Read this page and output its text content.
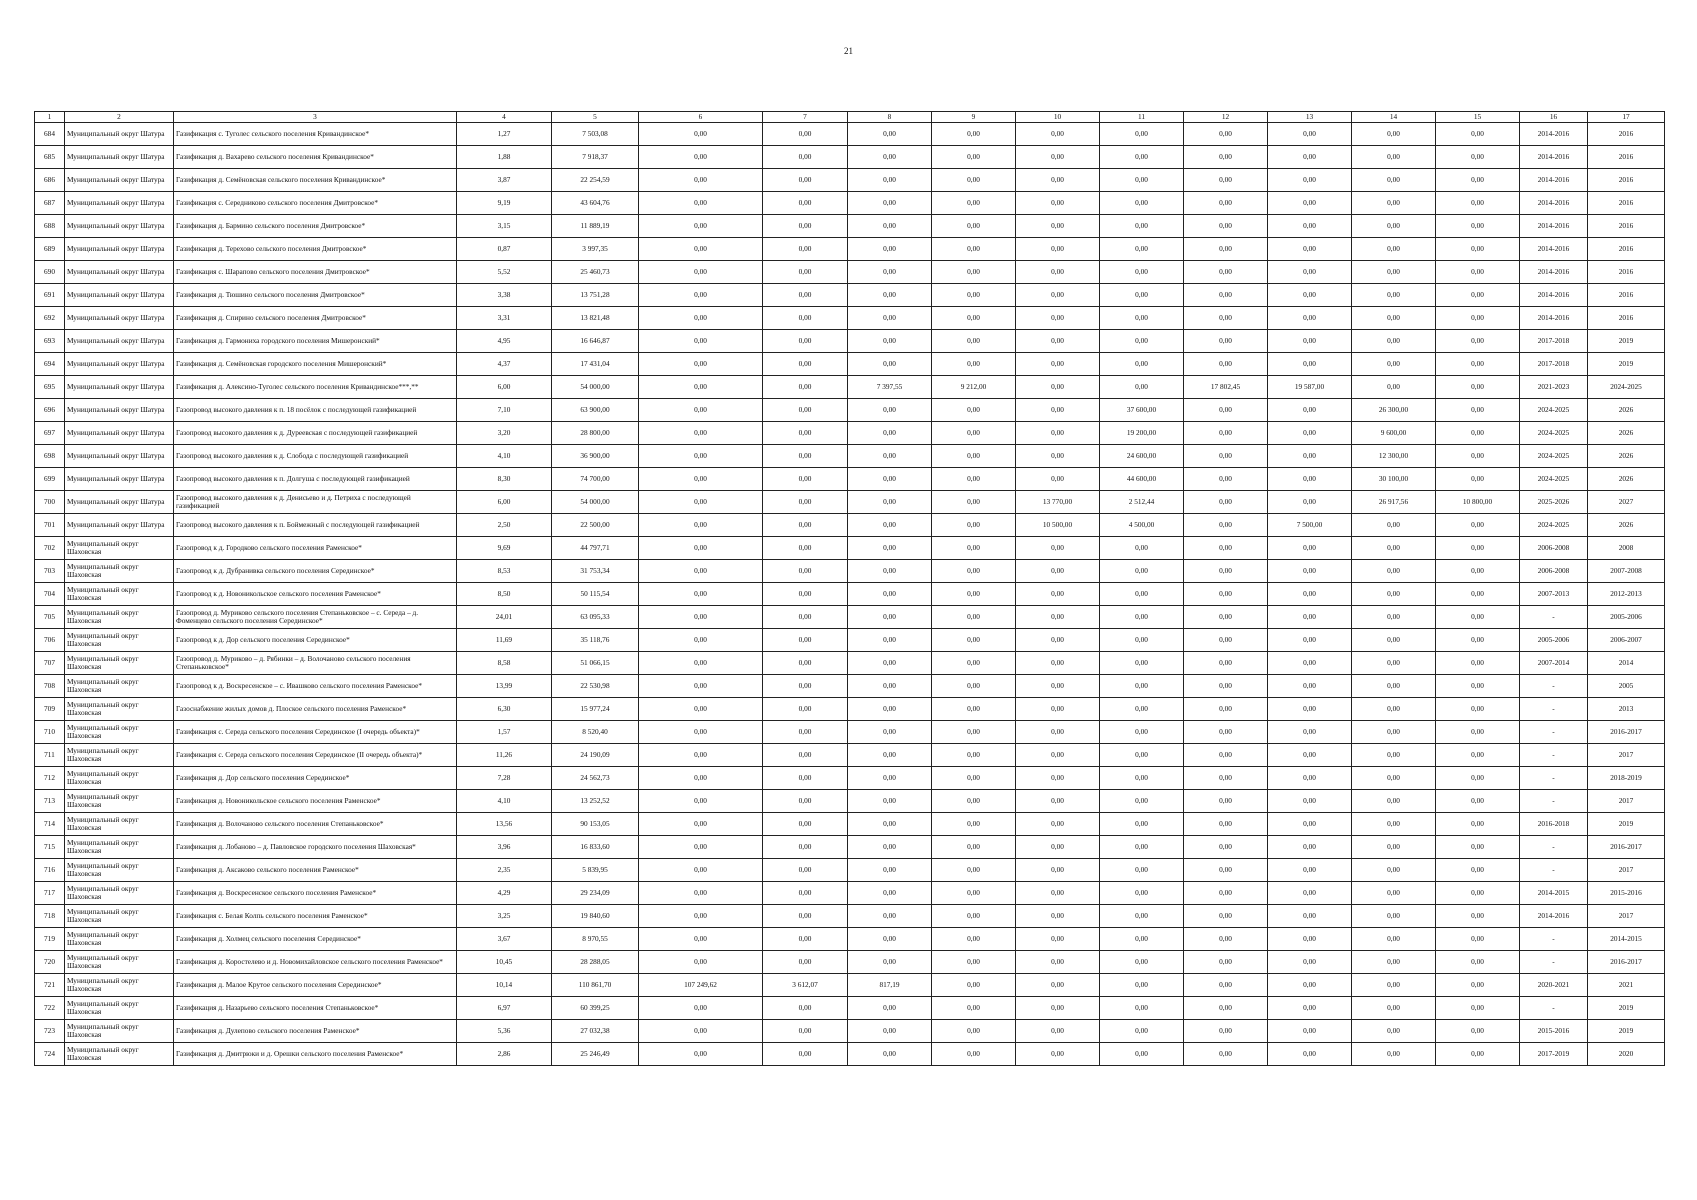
21
1	2	3	4	5	6	7	8	9	10	11	12	13	14	15	16	17
684	Муниципальный округ Шатура	Газификация с. Туголес сельского поселения Кривандинское*	1,27	7 503,08	0,00	0,00	0,00	0,00	0,00	0,00	0,00	0,00	0,00	0,00	2014-2016	2016
685	Муниципальный округ Шатура	Газификация д. Вахарево сельского поселения Кривандинское*	1,88	7 918,37	0,00	0,00	0,00	0,00	0,00	0,00	0,00	0,00	0,00	0,00	2014-2016	2016
686	Муниципальный округ Шатура	Газификация д. Семёновская сельского поселения Кривандинское*	3,87	22 254,59	0,00	0,00	0,00	0,00	0,00	0,00	0,00	0,00	0,00	0,00	2014-2016	2016
687	Муниципальный округ Шатура	Газификация с. Середниково сельского поселения Дмитровское*	9,19	43 604,76	0,00	0,00	0,00	0,00	0,00	0,00	0,00	0,00	0,00	0,00	2014-2016	2016
688	Муниципальный округ Шатура	Газификация д. Бармино сельского поселения Дмитровское*	3,15	11 889,19	0,00	0,00	0,00	0,00	0,00	0,00	0,00	0,00	0,00	0,00	2014-2016	2016
689	Муниципальный округ Шатура	Газификация д. Терехово сельского поселения Дмитровское*	0,87	3 997,35	0,00	0,00	0,00	0,00	0,00	0,00	0,00	0,00	0,00	0,00	2014-2016	2016
690	Муниципальный округ Шатура	Газификация с. Шарапово сельского поселения Дмитровское*	5,52	25 460,73	0,00	0,00	0,00	0,00	0,00	0,00	0,00	0,00	0,00	0,00	2014-2016	2016
691	Муниципальный округ Шатура	Газификация д. Тюшино сельского поселения Дмитровское*	3,38	13 751,28	0,00	0,00	0,00	0,00	0,00	0,00	0,00	0,00	0,00	0,00	2014-2016	2016
692	Муниципальный округ Шатура	Газификация д. Спирино сельского поселения Дмитровское*	3,31	13 821,48	0,00	0,00	0,00	0,00	0,00	0,00	0,00	0,00	0,00	0,00	2014-2016	2016
693	Муниципальный округ Шатура	Газификация д. Гармониха городского поселения Мишеронский*	4,95	16 646,87	0,00	0,00	0,00	0,00	0,00	0,00	0,00	0,00	0,00	0,00	2017-2018	2019
694	Муниципальный округ Шатура	Газификация д. Семёновская городского поселения Мишеронский*	4,37	17 431,04	0,00	0,00	0,00	0,00	0,00	0,00	0,00	0,00	0,00	0,00	2017-2018	2019
695	Муниципальный округ Шатура	Газификация д. Алексино-Туголес сельского поселения Кривандинское***,**	6,00	54 000,00	0,00	0,00	7 397,55	9 212,00	0,00	0,00	17 802,45	19 587,00	0,00	0,00	2021-2023	2024-2025
696	Муниципальный округ Шатура	Газопровод высокого давления к п. 18 посёлок с последующей газификацией	7,10	63 900,00	0,00	0,00	0,00	0,00	0,00	37 600,00	0,00	0,00	26 300,00	0,00	2024-2025	2026
697	Муниципальный округ Шатура	Газопровод высокого давления к д. Дуреевская с последующей газификацией	3,20	28 800,00	0,00	0,00	0,00	0,00	0,00	19 200,00	0,00	0,00	9 600,00	0,00	2024-2025	2026
698	Муниципальный округ Шатура	Газопровод высокого давления к д. Слобода с последующей газификацией	4,10	36 900,00	0,00	0,00	0,00	0,00	0,00	24 600,00	0,00	0,00	12 300,00	0,00	2024-2025	2026
699	Муниципальный округ Шатура	Газопровод высокого давления к п. Долгуша с последующей газификацией	8,30	74 700,00	0,00	0,00	0,00	0,00	0,00	44 600,00	0,00	0,00	30 100,00	0,00	2024-2025	2026
700	Муниципальный округ Шатура	Газопровод высокого давления к д. Денисьево и д. Петриха с последующей газификацией	6,00	54 000,00	0,00	0,00	0,00	0,00	13 770,00	2 512,44	0,00	0,00	26 917,56	10 800,00	2025-2026	2027
701	Муниципальный округ Шатура	Газопровод высокого давления к п. Боймежный с последующей газификацией	2,50	22 500,00	0,00	0,00	0,00	0,00	10 500,00	4 500,00	0,00	7 500,00	0,00	0,00	2024-2025	2026
702	Муниципальный округ Шаховская	Газопровод к д. Городково сельского поселения Раменское*	9,69	44 797,71	0,00	0,00	0,00	0,00	0,00	0,00	0,00	0,00	0,00	0,00	2006-2008	2008
703	Муниципальный округ Шаховская	Газопровод к д. Дубранивка сельского поселения Серединское*	8,53	31 753,34	0,00	0,00	0,00	0,00	0,00	0,00	0,00	0,00	0,00	0,00	2006-2008	2007-2008
704	Муниципальный округ Шаховская	Газопровод к д. Новоникольское сельского поселения Раменское*	8,50	50 115,54	0,00	0,00	0,00	0,00	0,00	0,00	0,00	0,00	0,00	0,00	2007-2013	2012-2013
705	Муниципальный округ Шаховская	Газопровод д. Муриково сельского поселения Степаньковское – с. Середа – д. Фоменцево сельского поселения Серединское*	24,01	63 095,33	0,00	0,00	0,00	0,00	0,00	0,00	0,00	0,00	0,00	0,00	-	2005-2006
706	Муниципальный округ Шаховская	Газопровод к д. Дор сельского поселения Серединское*	11,69	35 118,76	0,00	0,00	0,00	0,00	0,00	0,00	0,00	0,00	0,00	0,00	2005-2006	2006-2007
707	Муниципальный округ Шаховская	Газопровод д. Муриково – д. Рябинки – д. Волочаново сельского поселения Степаньковское*	8,58	51 066,15	0,00	0,00	0,00	0,00	0,00	0,00	0,00	0,00	0,00	0,00	2007-2014	2014
708	Муниципальный округ Шаховская	Газопровод к д. Воскресенское – с. Ивашково сельского поселения Раменское*	13,99	22 530,98	0,00	0,00	0,00	0,00	0,00	0,00	0,00	0,00	0,00	0,00	-	2005
709	Муниципальный округ Шаховская	Газоснабжение жилых домов д. Плоское сельского поселения Раменское*	6,30	15 977,24	0,00	0,00	0,00	0,00	0,00	0,00	0,00	0,00	0,00	0,00	-	2013
710	Муниципальный округ Шаховская	Газификация с. Середа сельского поселения Серединское (I очередь объекта)*	1,57	8 520,40	0,00	0,00	0,00	0,00	0,00	0,00	0,00	0,00	0,00	0,00	-	2016-2017
711	Муниципальный округ Шаховская	Газификация с. Середа сельского поселения Серединское (II очередь объекта)*	11,26	24 190,09	0,00	0,00	0,00	0,00	0,00	0,00	0,00	0,00	0,00	0,00	-	2017
712	Муниципальный округ Шаховская	Газификация д. Дор сельского поселения Серединское*	7,28	24 562,73	0,00	0,00	0,00	0,00	0,00	0,00	0,00	0,00	0,00	0,00	-	2018-2019
713	Муниципальный округ Шаховская	Газификация д. Новоникольское сельского поселения Раменское*	4,10	13 252,52	0,00	0,00	0,00	0,00	0,00	0,00	0,00	0,00	0,00	0,00	-	2017
714	Муниципальный округ Шаховская	Газификация д. Волочаново сельского поселения Степаньковское*	13,56	90 153,05	0,00	0,00	0,00	0,00	0,00	0,00	0,00	0,00	0,00	0,00	2016-2018	2019
715	Муниципальный округ Шаховская	Газификация д. Лобаново – д. Павловское городского поселения Шаховская*	3,96	16 833,60	0,00	0,00	0,00	0,00	0,00	0,00	0,00	0,00	0,00	0,00	-	2016-2017
716	Муниципальный округ Шаховская	Газификация д. Аксаково сельского поселения Раменское*	2,35	5 839,95	0,00	0,00	0,00	0,00	0,00	0,00	0,00	0,00	0,00	0,00	-	2017
717	Муниципальный округ Шаховская	Газификация д. Воскресенское сельского поселения Раменское*	4,29	29 234,09	0,00	0,00	0,00	0,00	0,00	0,00	0,00	0,00	0,00	0,00	2014-2015	2015-2016
718	Муниципальный округ Шаховская	Газификация с. Белая Колпь сельского поселения Раменское*	3,25	19 840,60	0,00	0,00	0,00	0,00	0,00	0,00	0,00	0,00	0,00	0,00	2014-2016	2017
719	Муниципальный округ Шаховская	Газификация д. Холмец сельского поселения Серединское*	3,67	8 970,55	0,00	0,00	0,00	0,00	0,00	0,00	0,00	0,00	0,00	0,00	-	2014-2015
720	Муниципальный округ Шаховская	Газификация д. Коростелево и д. Новомихайловское сельского поселения Раменское*	10,45	28 288,05	0,00	0,00	0,00	0,00	0,00	0,00	0,00	0,00	0,00	0,00	-	2016-2017
721	Муниципальный округ Шаховская	Газификация д. Малое Крутое сельского поселения Серединское*	10,14	110 861,70	107 249,62	3 612,07	817,19	0,00	0,00	0,00	0,00	0,00	0,00	0,00	2020-2021	2021
722	Муниципальный округ Шаховская	Газификация д. Назарьево сельского поселения Степаньковское*	6,97	60 399,25	0,00	0,00	0,00	0,00	0,00	0,00	0,00	0,00	0,00	0,00	-	2019
723	Муниципальный округ Шаховская	Газификация д. Дулепово сельского поселения Раменское*	5,36	27 032,38	0,00	0,00	0,00	0,00	0,00	0,00	0,00	0,00	0,00	0,00	2015-2016	2019
724	Муниципальный округ Шаховская	Газификация д. Дмитрюки и д. Орешки сельского поселения Раменское*	2,86	25 246,49	0,00	0,00	0,00	0,00	0,00	0,00	0,00	0,00	0,00	0,00	2017-2019	2020
